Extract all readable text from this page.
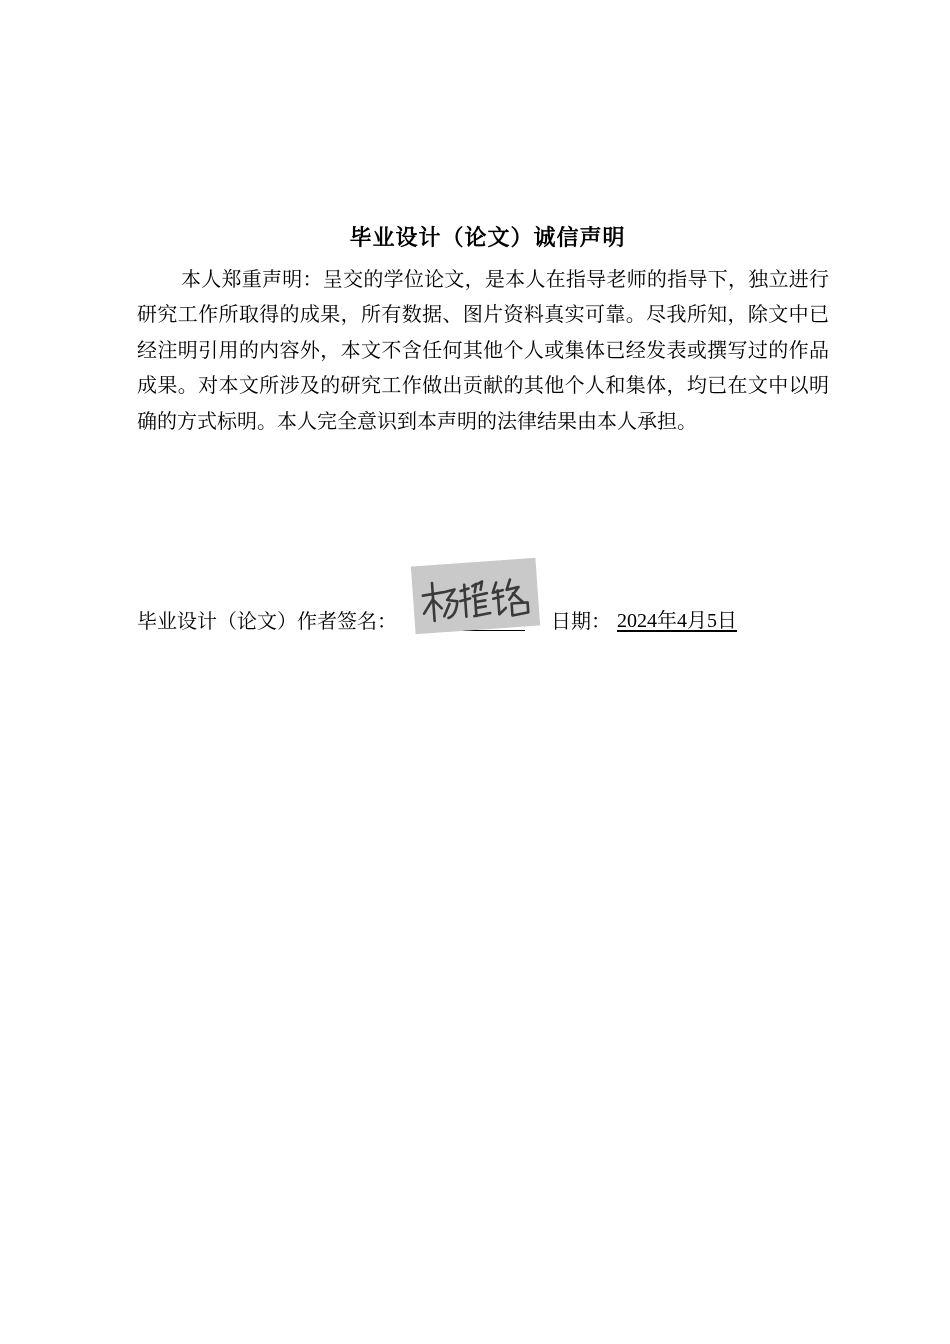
毕业设计（论文）诚信声明

本人郑重声明：呈交的学位论文，是本人在指导老师的指导下，独立进行研究工作所取得的成果，所有数据、图片资料真实可靠。尽我所知，除文中已经注明引用的内容外，本文不含任何其他个人或集体已经发表或撰写过的作品成果。对本文所涉及的研究工作做出贡献的其他个人和集体，均已在文中以明确的方式标明。本人完全意识到本声明的法律结果由本人承担。

毕业设计（论文）作者签名：	日期： 2024年4月5日
